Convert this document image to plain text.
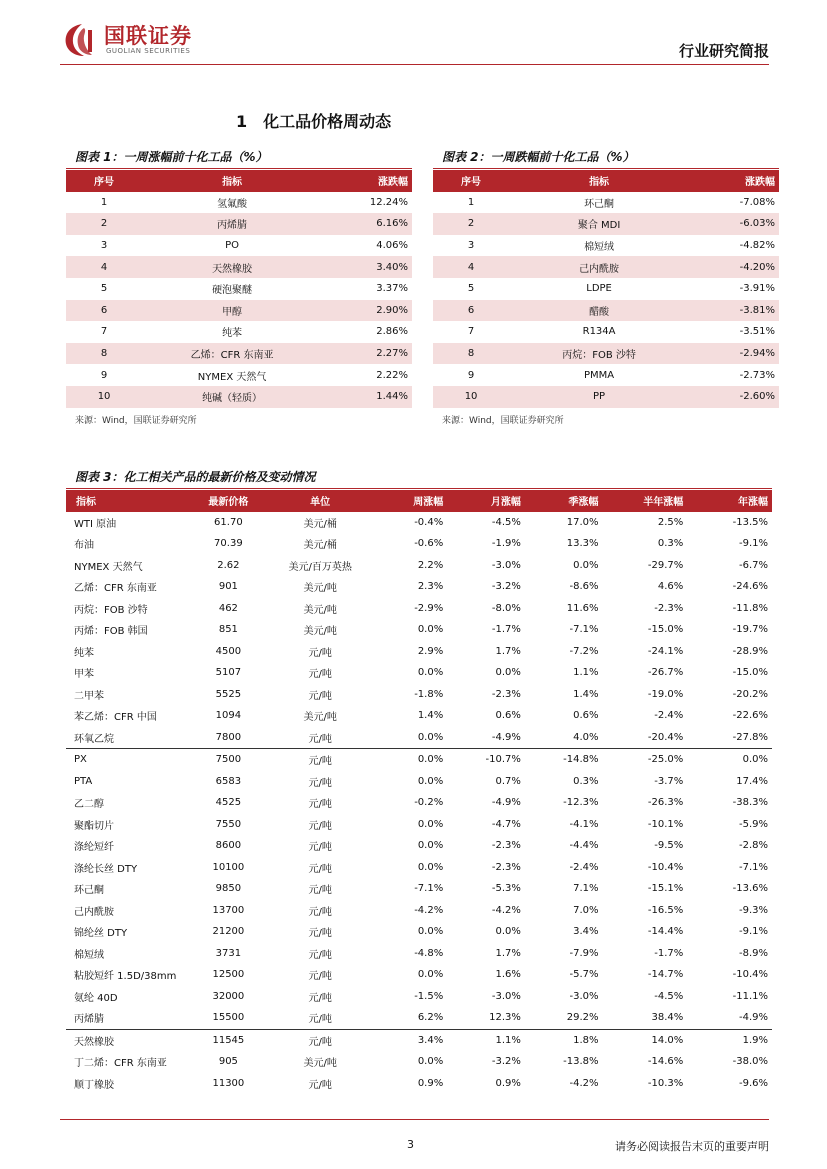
国联证券
GUOLIAN SECURITIES	行业研究简报
1 化工品价格周动态
图表 1：一周涨幅前十化工品（%）
序号	指标	涨跌幅
1	氢氟酸	12.24%
2	丙烯腈	6.16%
3	PO	4.06%
4	天然橡胶	3.40%
5	硬泡聚醚	3.37%
6	甲醇	2.90%
7	纯苯	2.86%
8	乙烯：CFR 东南亚	2.27%
9	NYMEX 天然气	2.22%
10	纯碱（轻质）	1.44%
来源：Wind，国联证券研究所
图表 2：一周跌幅前十化工品（%）
序号	指标	涨跌幅
1	环己酮	-7.08%
2	聚合 MDI	-6.03%
3	棉短绒	-4.82%
4	己内酰胺	-4.20%
5	LDPE	-3.91%
6	醋酸	-3.81%
7	R134A	-3.51%
8	丙烷：FOB 沙特	-2.94%
9	PMMA	-2.73%
10	PP	-2.60%
来源：Wind，国联证券研究所
图表 3：化工相关产品的最新价格及变动情况
指标	最新价格	单位	周涨幅	月涨幅	季涨幅	半年涨幅	年涨幅
WTI 原油	61.70	美元/桶	-0.4%	-4.5%	17.0%	2.5%	-13.5%
布油	70.39	美元/桶	-0.6%	-1.9%	13.3%	0.3%	-9.1%
NYMEX 天然气	2.62	美元/百万英热	2.2%	-3.0%	0.0%	-29.7%	-6.7%
乙烯：CFR 东南亚	901	美元/吨	2.3%	-3.2%	-8.6%	4.6%	-24.6%
丙烷：FOB 沙特	462	美元/吨	-2.9%	-8.0%	11.6%	-2.3%	-11.8%
丙烯：FOB 韩国	851	美元/吨	0.0%	-1.7%	-7.1%	-15.0%	-19.7%
纯苯	4500	元/吨	2.9%	1.7%	-7.2%	-24.1%	-28.9%
甲苯	5107	元/吨	0.0%	0.0%	1.1%	-26.7%	-15.0%
二甲苯	5525	元/吨	-1.8%	-2.3%	1.4%	-19.0%	-20.2%
苯乙烯：CFR 中国	1094	美元/吨	1.4%	0.6%	0.6%	-2.4%	-22.6%
环氧乙烷	7800	元/吨	0.0%	-4.9%	4.0%	-20.4%	-27.8%
PX	7500	元/吨	0.0%	-10.7%	-14.8%	-25.0%	0.0%
PTA	6583	元/吨	0.0%	0.7%	0.3%	-3.7%	17.4%
乙二醇	4525	元/吨	-0.2%	-4.9%	-12.3%	-26.3%	-38.3%
聚酯切片	7550	元/吨	0.0%	-4.7%	-4.1%	-10.1%	-5.9%
涤纶短纤	8600	元/吨	0.0%	-2.3%	-4.4%	-9.5%	-2.8%
涤纶长丝 DTY	10100	元/吨	0.0%	-2.3%	-2.4%	-10.4%	-7.1%
环己酮	9850	元/吨	-7.1%	-5.3%	7.1%	-15.1%	-13.6%
己内酰胺	13700	元/吨	-4.2%	-4.2%	7.0%	-16.5%	-9.3%
锦纶丝 DTY	21200	元/吨	0.0%	0.0%	3.4%	-14.4%	-9.1%
棉短绒	3731	元/吨	-4.8%	1.7%	-7.9%	-1.7%	-8.9%
粘胶短纤 1.5D/38mm	12500	元/吨	0.0%	1.6%	-5.7%	-14.7%	-10.4%
氨纶 40D	32000	元/吨	-1.5%	-3.0%	-3.0%	-4.5%	-11.1%
丙烯腈	15500	元/吨	6.2%	12.3%	29.2%	38.4%	-4.9%
天然橡胶	11545	元/吨	3.4%	1.1%	1.8%	14.0%	1.9%
丁二烯：CFR 东南亚	905	美元/吨	0.0%	-3.2%	-13.8%	-14.6%	-38.0%
顺丁橡胶	11300	元/吨	0.9%	0.9%	-4.2%	-10.3%	-9.6%
3	请务必阅读报告末页的重要声明
